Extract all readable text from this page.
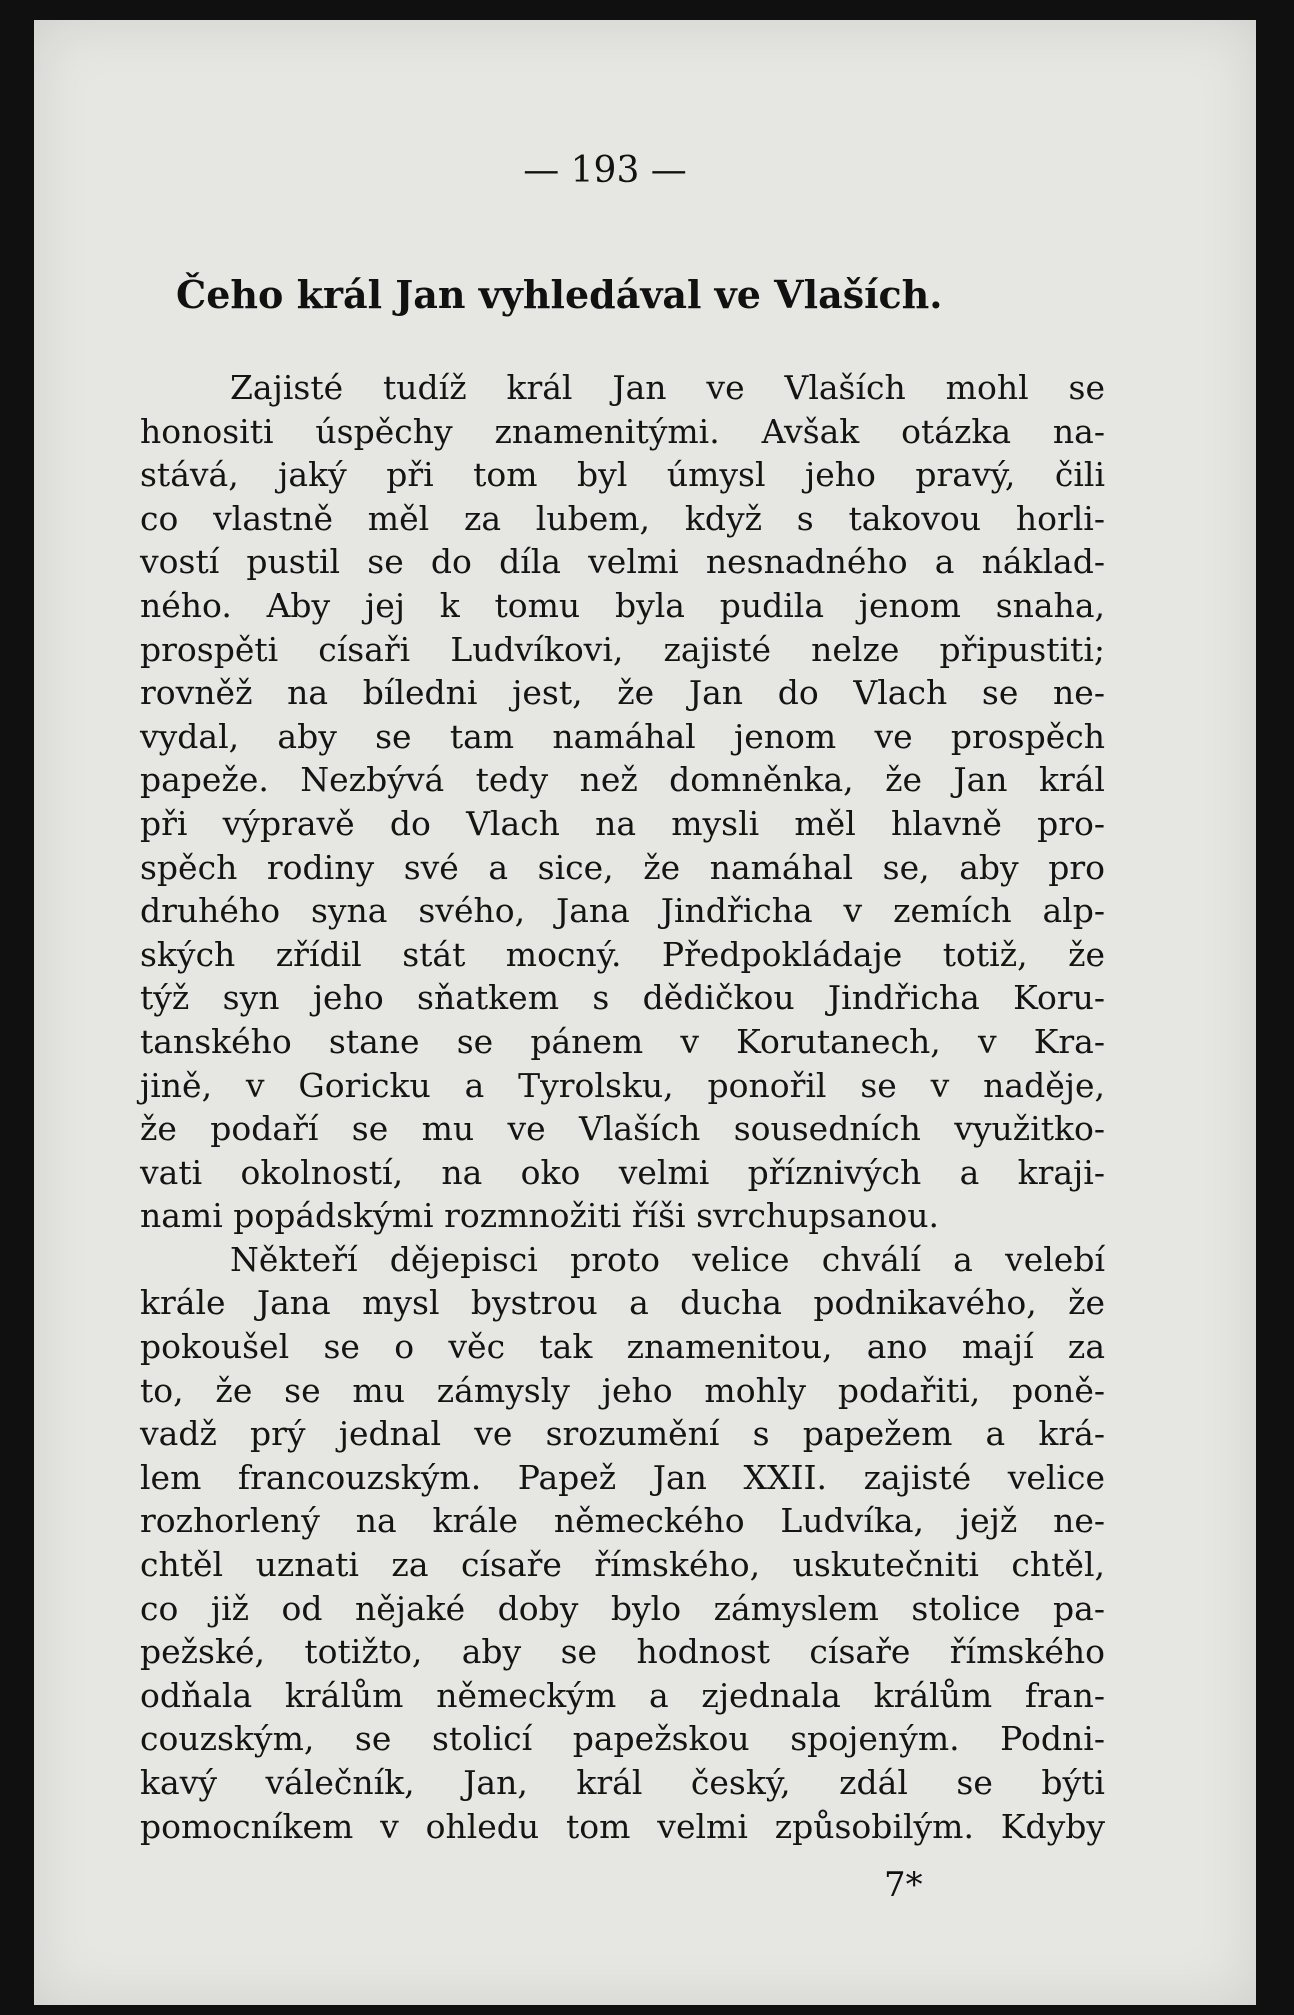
— 193 —
Čeho král Jan vyhledával ve Vlaších.
Zajisté tudíž král Jan ve Vlaších mohl se
honositi úspěchy znamenitými. Avšak otázka na-
stává, jaký při tom byl úmysl jeho pravý, čili
co vlastně měl za lubem, když s takovou horli-
vostí pustil se do díla velmi nesnadného a náklad-
ného. Aby jej k tomu byla pudila jenom snaha,
prospěti císaři Ludvíkovi, zajisté nelze připustiti;
rovněž na bíledni jest, že Jan do Vlach se ne-
vydal, aby se tam namáhal jenom ve prospěch
papeže. Nezbývá tedy než domněnka, že Jan král
při výpravě do Vlach na mysli měl hlavně pro-
spěch rodiny své a sice, že namáhal se, aby pro
druhého syna svého, Jana Jindřicha v zemích alp-
ských zřídil stát mocný. Předpokládaje totiž, že
týž syn jeho sňatkem s dědičkou Jindřicha Koru-
tanského stane se pánem v Korutanech, v Kra-
jině, v Goricku a Tyrolsku, ponořil se v naděje,
že podaří se mu ve Vlaších sousedních využitko-
vati okolností, na oko velmi příznivých a kraji-
nami popádskými rozmnožiti říši svrchupsanou.
Někteří dějepisci proto velice chválí a velebí
krále Jana mysl bystrou a ducha podnikavého, že
pokoušel se o věc tak znamenitou, ano mají za
to, že se mu zámysly jeho mohly podařiti, poně-
vadž prý jednal ve srozumění s papežem a krá-
lem francouzským. Papež Jan XXII. zajisté velice
rozhorlený na krále německého Ludvíka, jejž ne-
chtěl uznati za císaře římského, uskutečniti chtěl,
co již od nějaké doby bylo zámyslem stolice pa-
pežské, totižto, aby se hodnost císaře římského
odňala králům německým a zjednala králům fran-
couzským, se stolicí papežskou spojeným. Podni-
kavý válečník, Jan, král český, zdál se býti
pomocníkem v ohledu tom velmi způsobilým. Kdyby
7*
